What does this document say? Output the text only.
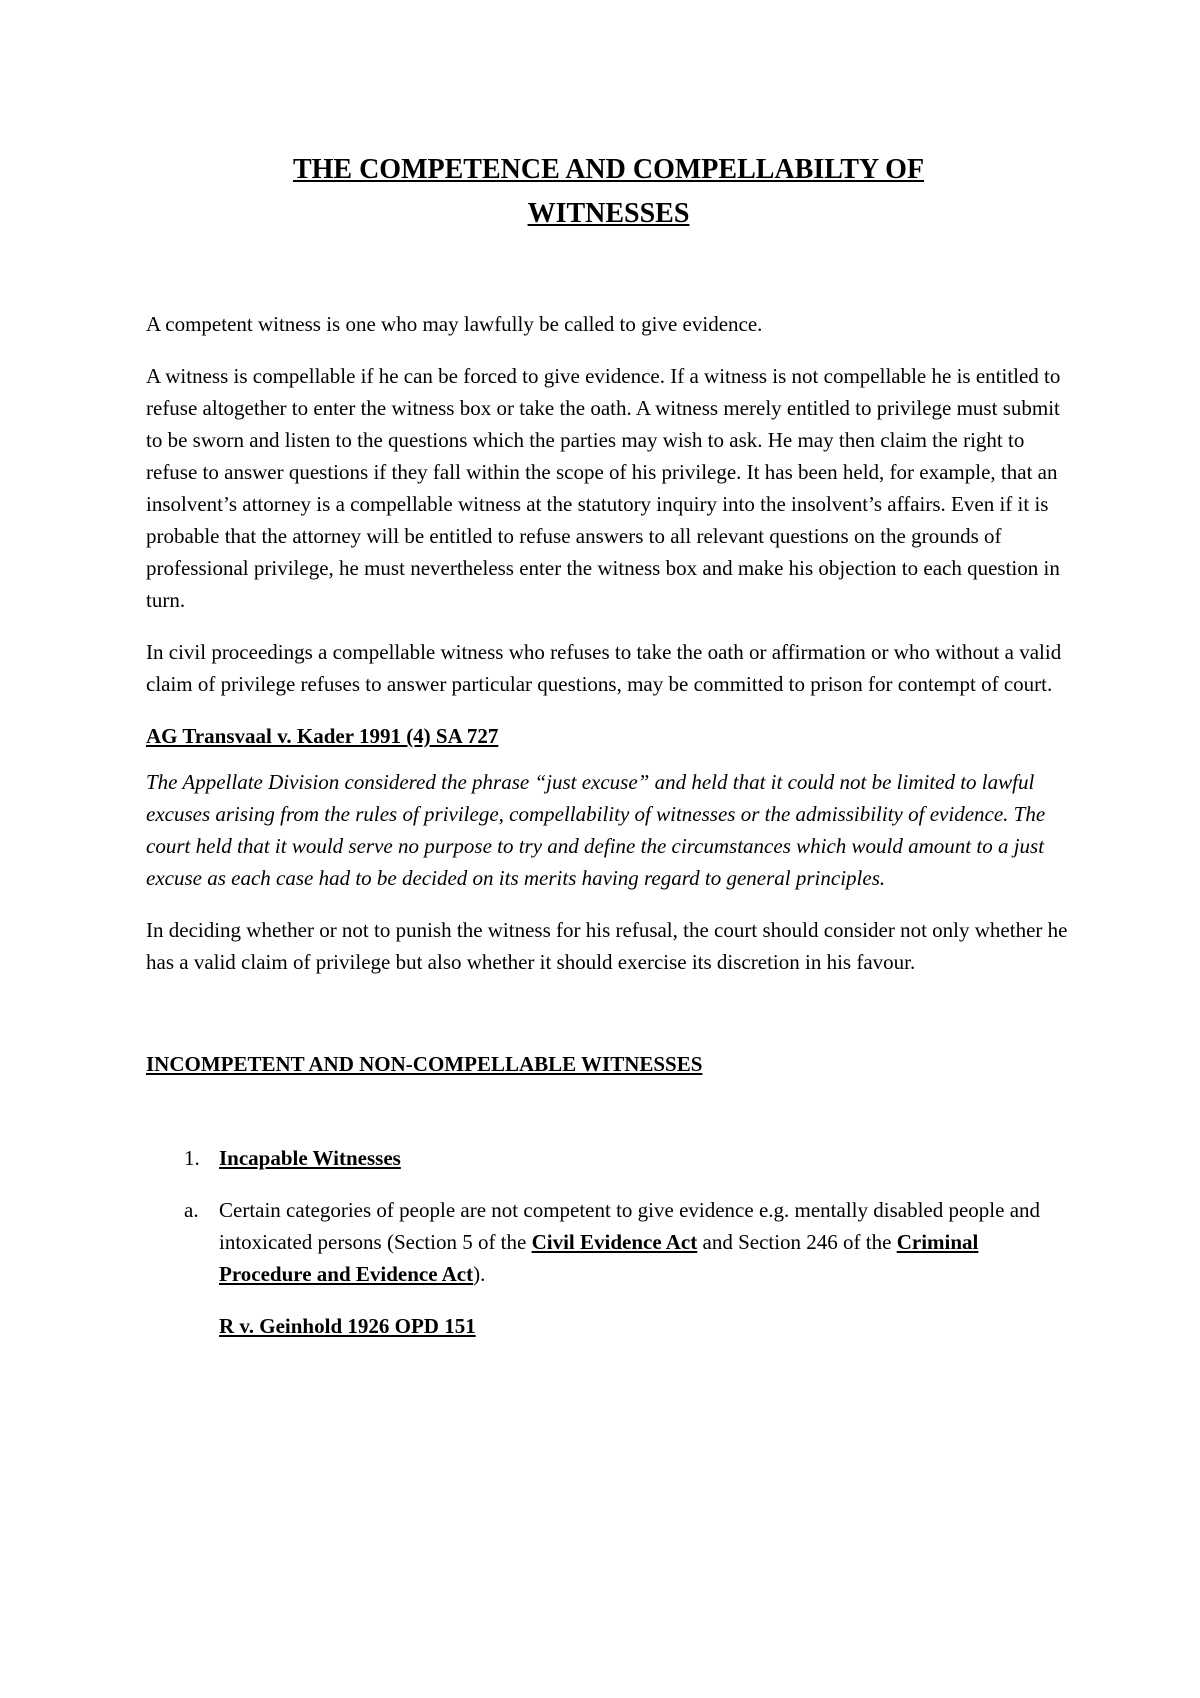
THE COMPETENCE AND COMPELLABILTY OF
WITNESSES

A competent witness is one who may lawfully be called to give evidence.

A witness is compellable if he can be forced to give evidence. If a witness is not compellable he is entitled to refuse altogether to enter the witness box or take the oath. A witness merely entitled to privilege must submit to be sworn and listen to the questions which the parties may wish to ask. He may then claim the right to refuse to answer questions if they fall within the scope of his privilege. It has been held, for example, that an insolvent’s attorney is a compellable witness at the statutory inquiry into the insolvent’s affairs. Even if it is probable that the attorney will be entitled to refuse answers to all relevant questions on the grounds of professional privilege, he must nevertheless enter the witness box and make his objection to each question in turn.

In civil proceedings a compellable witness who refuses to take the oath or affirmation or who without a valid claim of privilege refuses to answer particular questions, may be committed to prison for contempt of court.

AG Transvaal v. Kader 1991 (4) SA 727

The Appellate Division considered the phrase “just excuse” and held that it could not be limited to lawful excuses arising from the rules of privilege, compellability of witnesses or the admissibility of evidence. The court held that it would serve no purpose to try and define the circumstances which would amount to a just excuse as each case had to be decided on its merits having regard to general principles.

In deciding whether or not to punish the witness for his refusal, the court should consider not only whether he has a valid claim of privilege but also whether it should exercise its discretion in his favour.

INCOMPETENT AND NON-COMPELLABLE WITNESSES
1. Incapable Witnesses
a. Certain categories of people are not competent to give evidence e.g. mentally disabled people and intoxicated persons (Section 5 of the Civil Evidence Act and Section 246 of the Criminal Procedure and Evidence Act).
R v. Geinhold 1926 OPD 151
